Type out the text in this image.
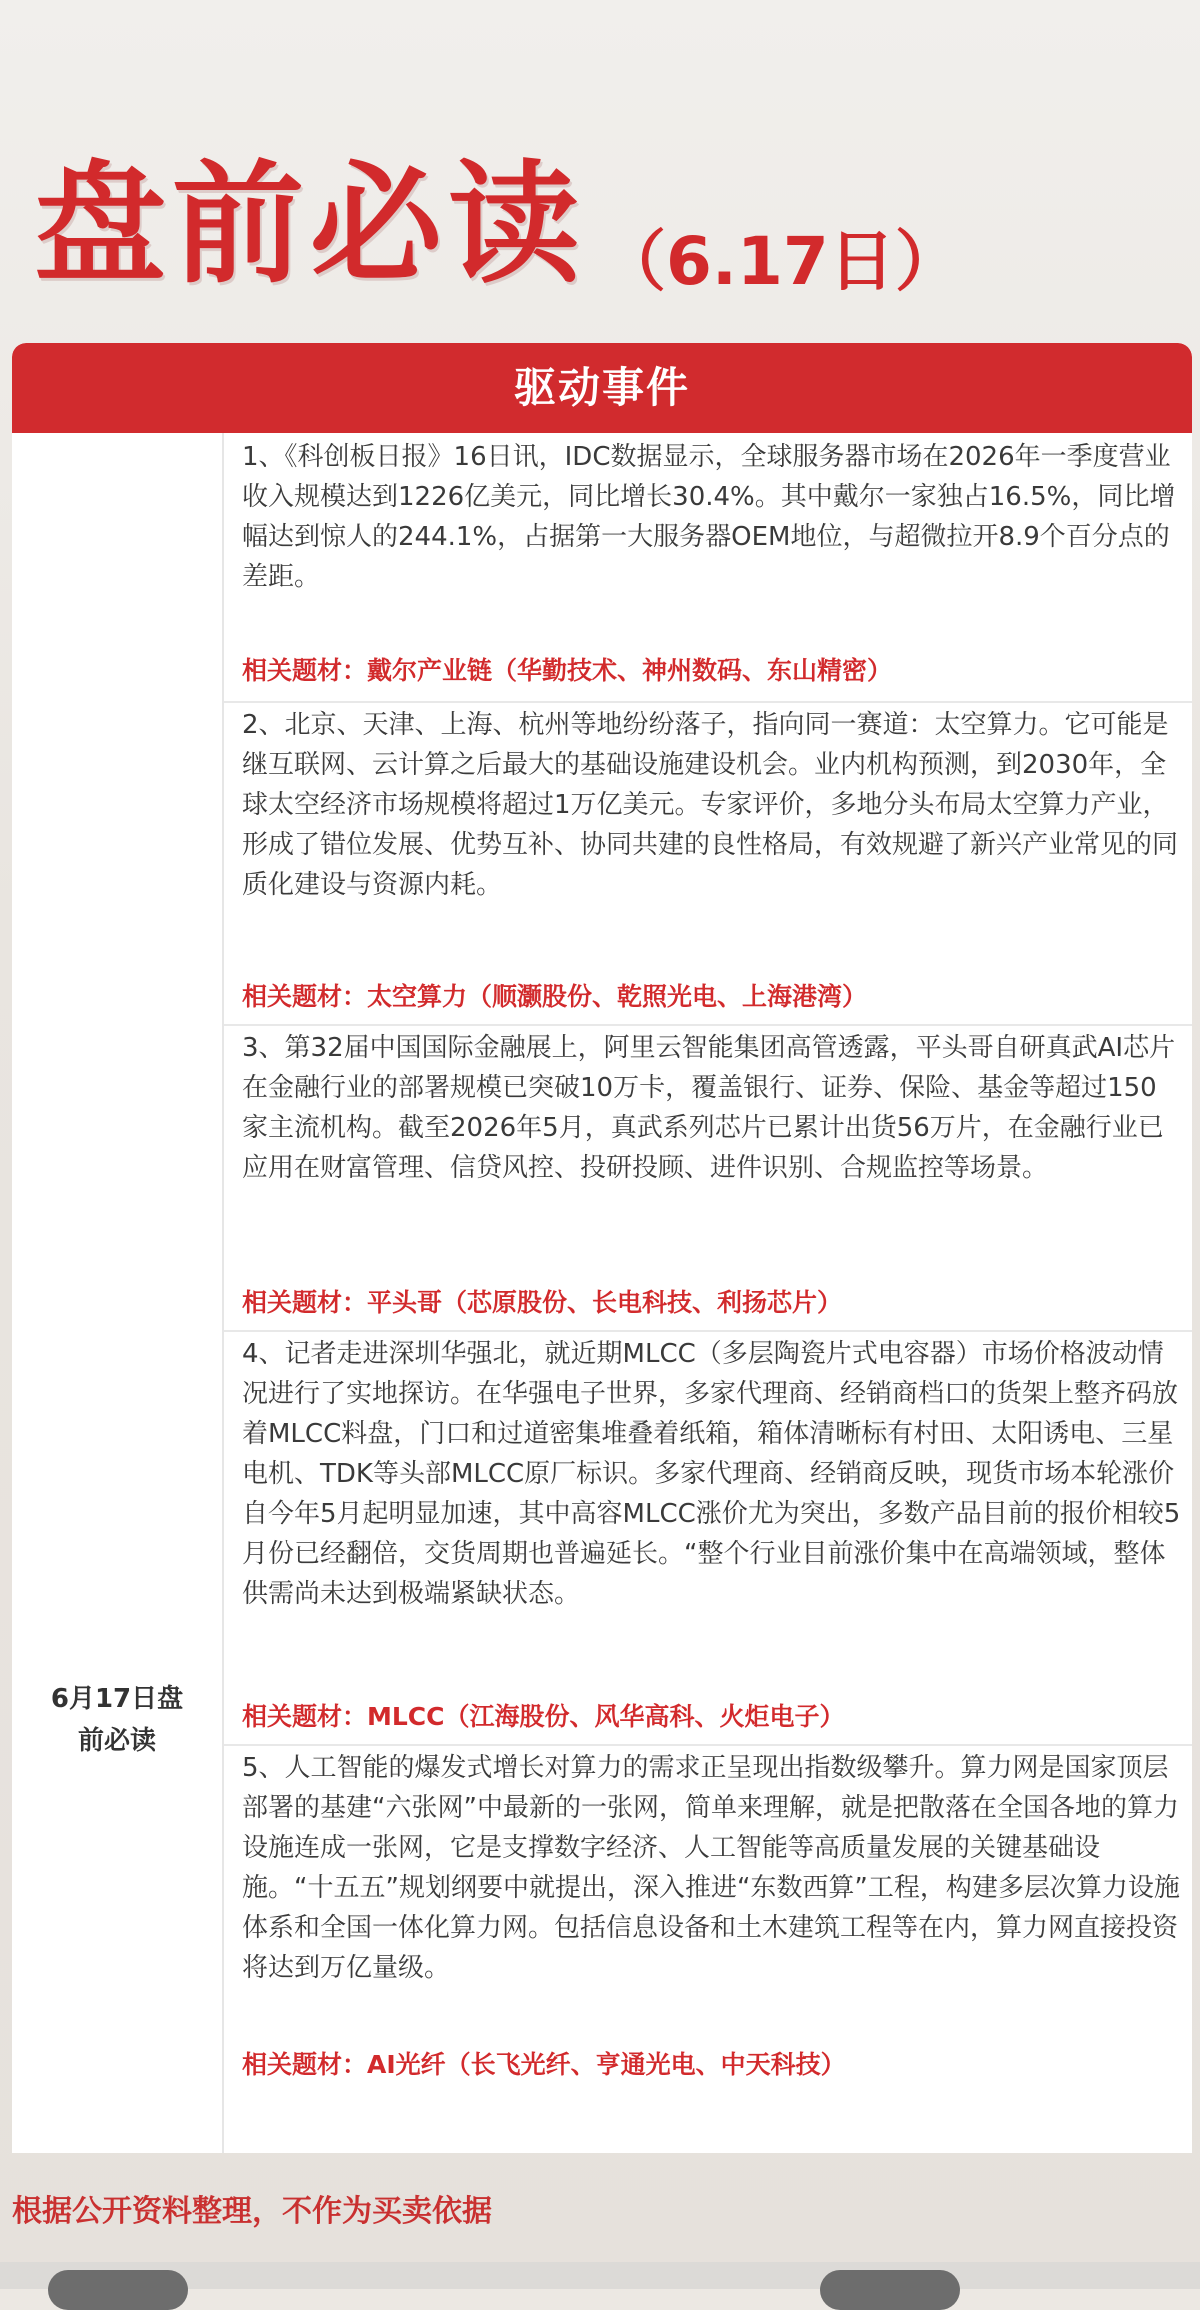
盘前必读 （6.17日）
驱动事件
6月17日盘
前必读
1、《科创板日报》16日讯，IDC数据显示，全球服务器市场在2026年一季度营业收入规模达到1226亿美元，同比增长30.4%。其中戴尔一家独占16.5%，同比增幅达到惊人的244.1%，占据第一大服务器OEM地位，与超微拉开8.9个百分点的差距。
相关题材：戴尔产业链（华勤技术、神州数码、东山精密）
2、北京、天津、上海、杭州等地纷纷落子，指向同一赛道：太空算力。它可能是继互联网、云计算之后最大的基础设施建设机会。业内机构预测，到2030年，全球太空经济市场规模将超过1万亿美元。专家评价，多地分头布局太空算力产业，形成了错位发展、优势互补、协同共建的良性格局，有效规避了新兴产业常见的同质化建设与资源内耗。
相关题材：太空算力（顺灏股份、乾照光电、上海港湾）
3、第32届中国国际金融展上，阿里云智能集团高管透露，平头哥自研真武AI芯片在金融行业的部署规模已突破10万卡，覆盖银行、证券、保险、基金等超过150家主流机构。截至2026年5月，真武系列芯片已累计出货56万片，在金融行业已应用在财富管理、信贷风控、投研投顾、进件识别、合规监控等场景。
相关题材：平头哥（芯原股份、长电科技、利扬芯片）
4、记者走进深圳华强北，就近期MLCC（多层陶瓷片式电容器）市场价格波动情况进行了实地探访。在华强电子世界，多家代理商、经销商档口的货架上整齐码放着MLCC料盘，门口和过道密集堆叠着纸箱，箱体清晰标有村田、太阳诱电、三星电机、TDK等头部MLCC原厂标识。多家代理商、经销商反映，现货市场本轮涨价自今年5月起明显加速，其中高容MLCC涨价尤为突出，多数产品目前的报价相较5月份已经翻倍，交货周期也普遍延长。“整个行业目前涨价集中在高端领域，整体供需尚未达到极端紧缺状态。
相关题材：MLCC（江海股份、风华高科、火炬电子）
5、人工智能的爆发式增长对算力的需求正呈现出指数级攀升。算力网是国家顶层部署的基建“六张网”中最新的一张网，简单来理解，就是把散落在全国各地的算力设施连成一张网，它是支撑数字经济、人工智能等高质量发展的关键基础设施。“十五五”规划纲要中就提出，深入推进“东数西算”工程，构建多层次算力设施体系和全国一体化算力网。包括信息设备和土木建筑工程等在内，算力网直接投资将达到万亿量级。
相关题材：AI光纤（长飞光纤、亨通光电、中天科技）
根据公开资料整理，不作为买卖依据
